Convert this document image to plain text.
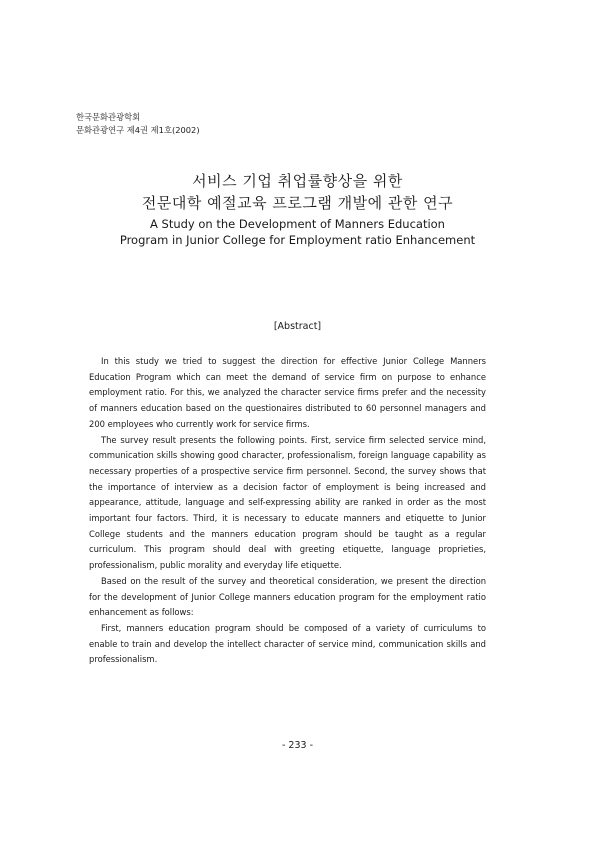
한국문화관광학회
문화관광연구 제4권 제1호(2002)
서비스 기업 취업률향상을 위한
전문대학 예절교육 프로그램 개발에 관한 연구
A Study on the Development of Manners Education
Program in Junior College for Employment ratio Enhancement
[Abstract]

In this study we tried to suggest the direction for effective Junior College Manners Education Program which can meet the demand of service firm on purpose to enhance employment ratio. For this, we analyzed the character service firms prefer and the necessity of manners education based on the questionaires distributed to 60 personnel managers and 200 employees who currently work for service firms.

The survey result presents the following points. First, service firm selected service mind, communication skills showing good character, professionalism, foreign language capability as necessary properties of a prospective service firm personnel. Second, the survey shows that the importance of interview as a decision factor of employment is being increased and appearance, attitude, language and self-expressing ability are ranked in order as the most important four factors. Third, it is necessary to educate manners and etiquette to Junior College students and the manners education program should be taught as a regular curriculum. This program should deal with greeting etiquette, language proprieties, professionalism, public morality and everyday life etiquette.

Based on the result of the survey and theoretical consideration, we present the direction for the development of Junior College manners education program for the employment ratio enhancement as follows:

First, manners education program should be composed of a variety of curriculums to enable to train and develop the intellect character of service mind, communication skills and professionalism.

- 233 -
